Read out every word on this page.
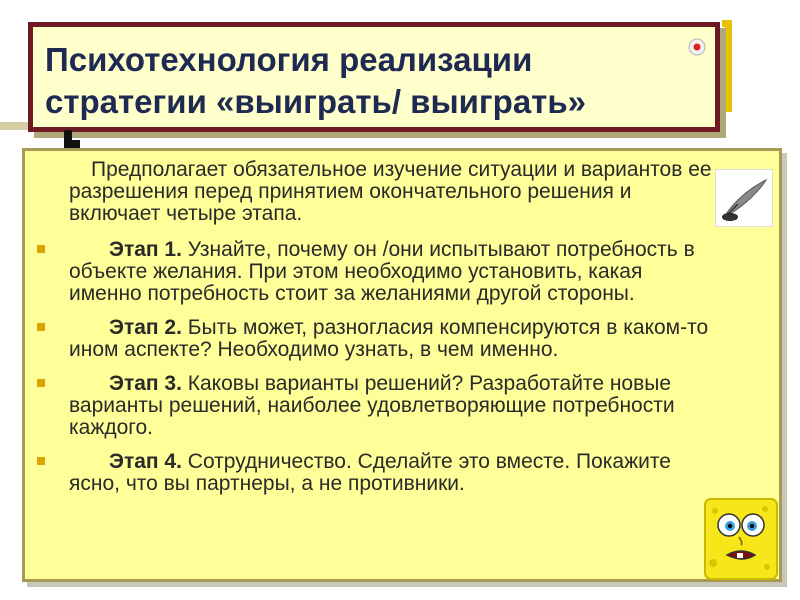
Психотехнология реализации
стратегии «выиграть/ выиграть»

Предполагает обязательное изучение ситуации и вариантов ее разрешения перед принятием окончательного решения и включает четыре этапа.

Этап 1. Узнайте, почему он /они испытывают потребность в объекте желания. При этом необходимо установить, какая именно потребность стоит за желаниями другой стороны.

Этап 2. Быть может, разногласия компенсируются в каком-то ином аспекте? Необходимо узнать, в чем именно.

Этап 3. Каковы варианты решений? Разработайте новые варианты решений, наиболее удовлетворяющие потребности каждого.

Этап 4. Сотрудничество. Сделайте это вместе. Покажите ясно, что вы партнеры, а не противники.
